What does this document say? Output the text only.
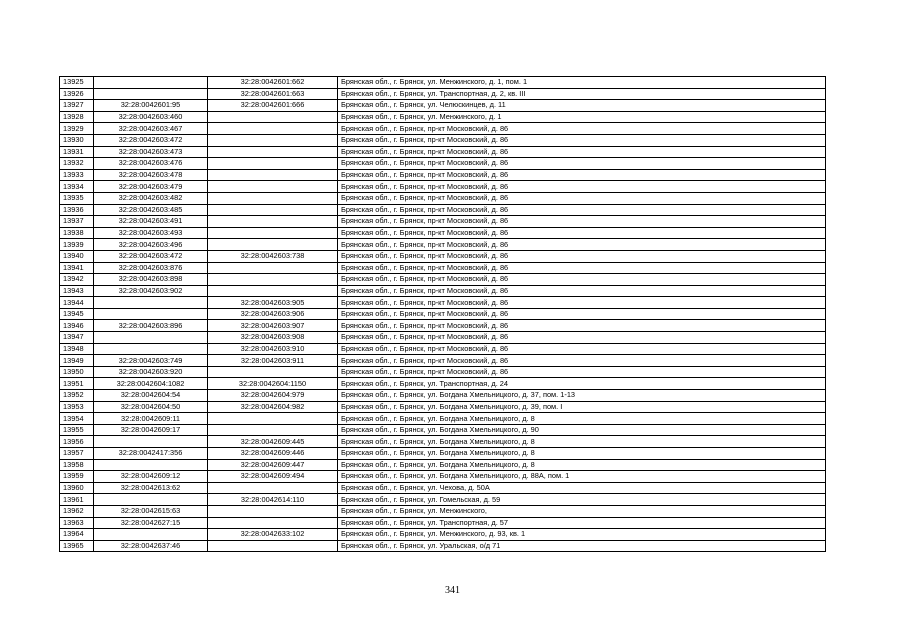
13925		32:28:0042601:662	Брянская обл., г. Брянск, ул. Менжинского, д. 1, пом. 1
13926		32:28:0042601:663	Брянская обл., г. Брянск, ул. Транспортная, д. 2, кв. III
13927	32:28:0042601:95	32:28:0042601:666	Брянская обл., г. Брянск, ул. Челюскинцев, д. 11
13928	32:28:0042603:460		Брянская обл., г. Брянск, ул. Менжинского, д. 1
13929	32:28:0042603:467		Брянская обл., г. Брянск, пр-кт Московский, д. 86
13930	32:28:0042603:472		Брянская обл., г. Брянск, пр-кт Московский, д. 86
13931	32:28:0042603:473		Брянская обл., г. Брянск, пр-кт Московский, д. 86
13932	32:28:0042603:476		Брянская обл., г. Брянск, пр-кт Московский, д. 86
13933	32:28:0042603:478		Брянская обл., г. Брянск, пр-кт Московский, д. 86
13934	32:28:0042603:479		Брянская обл., г. Брянск, пр-кт Московский, д. 86
13935	32:28:0042603:482		Брянская обл., г. Брянск, пр-кт Московский, д. 86
13936	32:28:0042603:485		Брянская обл., г. Брянск, пр-кт Московский, д. 86
13937	32:28:0042603:491		Брянская обл., г. Брянск, пр-кт Московский, д. 86
13938	32:28:0042603:493		Брянская обл., г. Брянск, пр-кт Московский, д. 86
13939	32:28:0042603:496		Брянская обл., г. Брянск, пр-кт Московский, д. 86
13940	32:28:0042603:472	32:28:0042603:738	Брянская обл., г. Брянск, пр-кт Московский, д. 86
13941	32:28:0042603:876		Брянская обл., г. Брянск, пр-кт Московский, д. 86
13942	32:28:0042603:898		Брянская обл., г. Брянск, пр-кт Московский, д. 86
13943	32:28:0042603:902		Брянская обл., г. Брянск, пр-кт Московский, д. 86
13944		32:28:0042603:905	Брянская обл., г. Брянск, пр-кт Московский, д. 86
13945		32:28:0042603:906	Брянская обл., г. Брянск, пр-кт Московский, д. 86
13946	32:28:0042603:896	32:28:0042603:907	Брянская обл., г. Брянск, пр-кт Московский, д. 86
13947		32:28:0042603:908	Брянская обл., г. Брянск, пр-кт Московский, д. 86
13948		32:28:0042603:910	Брянская обл., г. Брянск, пр-кт Московский, д. 86
13949	32:28:0042603:749	32:28:0042603:911	Брянская обл., г. Брянск, пр-кт Московский, д. 86
13950	32:28:0042603:920		Брянская обл., г. Брянск, пр-кт Московский, д. 86
13951	32:28:0042604:1082	32:28:0042604:1150	Брянская обл., г. Брянск, ул. Транспортная, д. 24
13952	32:28:0042604:54	32:28:0042604:979	Брянская обл., г. Брянск, ул. Богдана Хмельницкого, д. 37, пом. 1-13
13953	32:28:0042604:50	32:28:0042604:982	Брянская обл., г. Брянск, ул. Богдана Хмельницкого, д. 39, пом. I
13954	32:28:0042609:11		Брянская обл., г. Брянск, ул. Богдана Хмельницкого, д. 8
13955	32:28:0042609:17		Брянская обл., г. Брянск, ул. Богдана Хмельницкого, д. 90
13956		32:28:0042609:445	Брянская обл., г. Брянск, ул. Богдана Хмельницкого, д. 8
13957	32:28:0042417:356	32:28:0042609:446	Брянская обл., г. Брянск, ул. Богдана Хмельницкого, д. 8
13958		32:28:0042609:447	Брянская обл., г. Брянск, ул. Богдана Хмельницкого, д. 8
13959	32:28:0042609:12	32:28:0042609:494	Брянская обл., г. Брянск, ул. Богдана Хмельницкого, д. 88А, пом. 1
13960	32:28:0042613:62		Брянская обл., г. Брянск, ул. Чехова, д. 50А
13961		32:28:0042614:110	Брянская обл., г. Брянск, ул. Гомельская, д. 59
13962	32:28:0042615:63		Брянская обл., г. Брянск, ул. Менжинского,
13963	32:28:0042627:15		Брянская обл., г. Брянск, ул. Транспортная, д. 57
13964		32:28:0042633:102	Брянская обл., г. Брянск, ул. Менжинского, д. 93, кв. 1
13965	32:28:0042637:46		Брянская обл., г. Брянск, ул. Уральская, о/д 71
341
